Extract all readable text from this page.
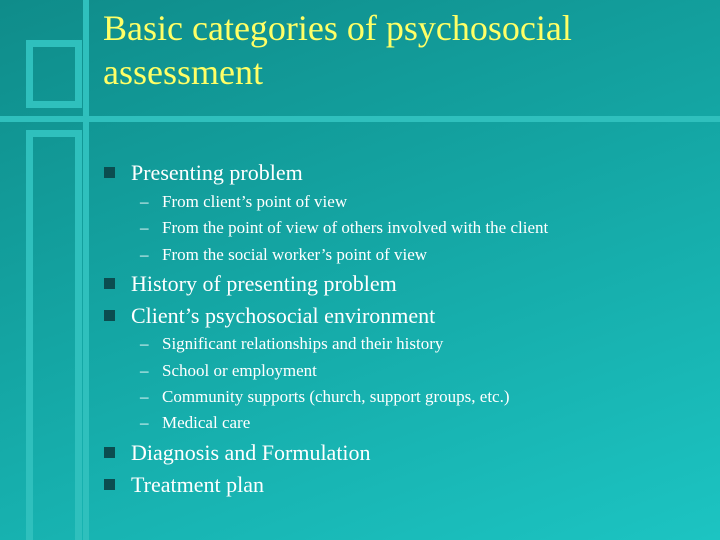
Basic categories of psychosocial assessment
Presenting problem
– From client’s point of view
– From the point of view of others involved with the client
– From the social worker’s point of view
History of presenting problem
Client’s psychosocial environment
– Significant relationships and their history
– School or employment
– Community supports (church, support groups, etc.)
– Medical care
Diagnosis and Formulation
Treatment plan
